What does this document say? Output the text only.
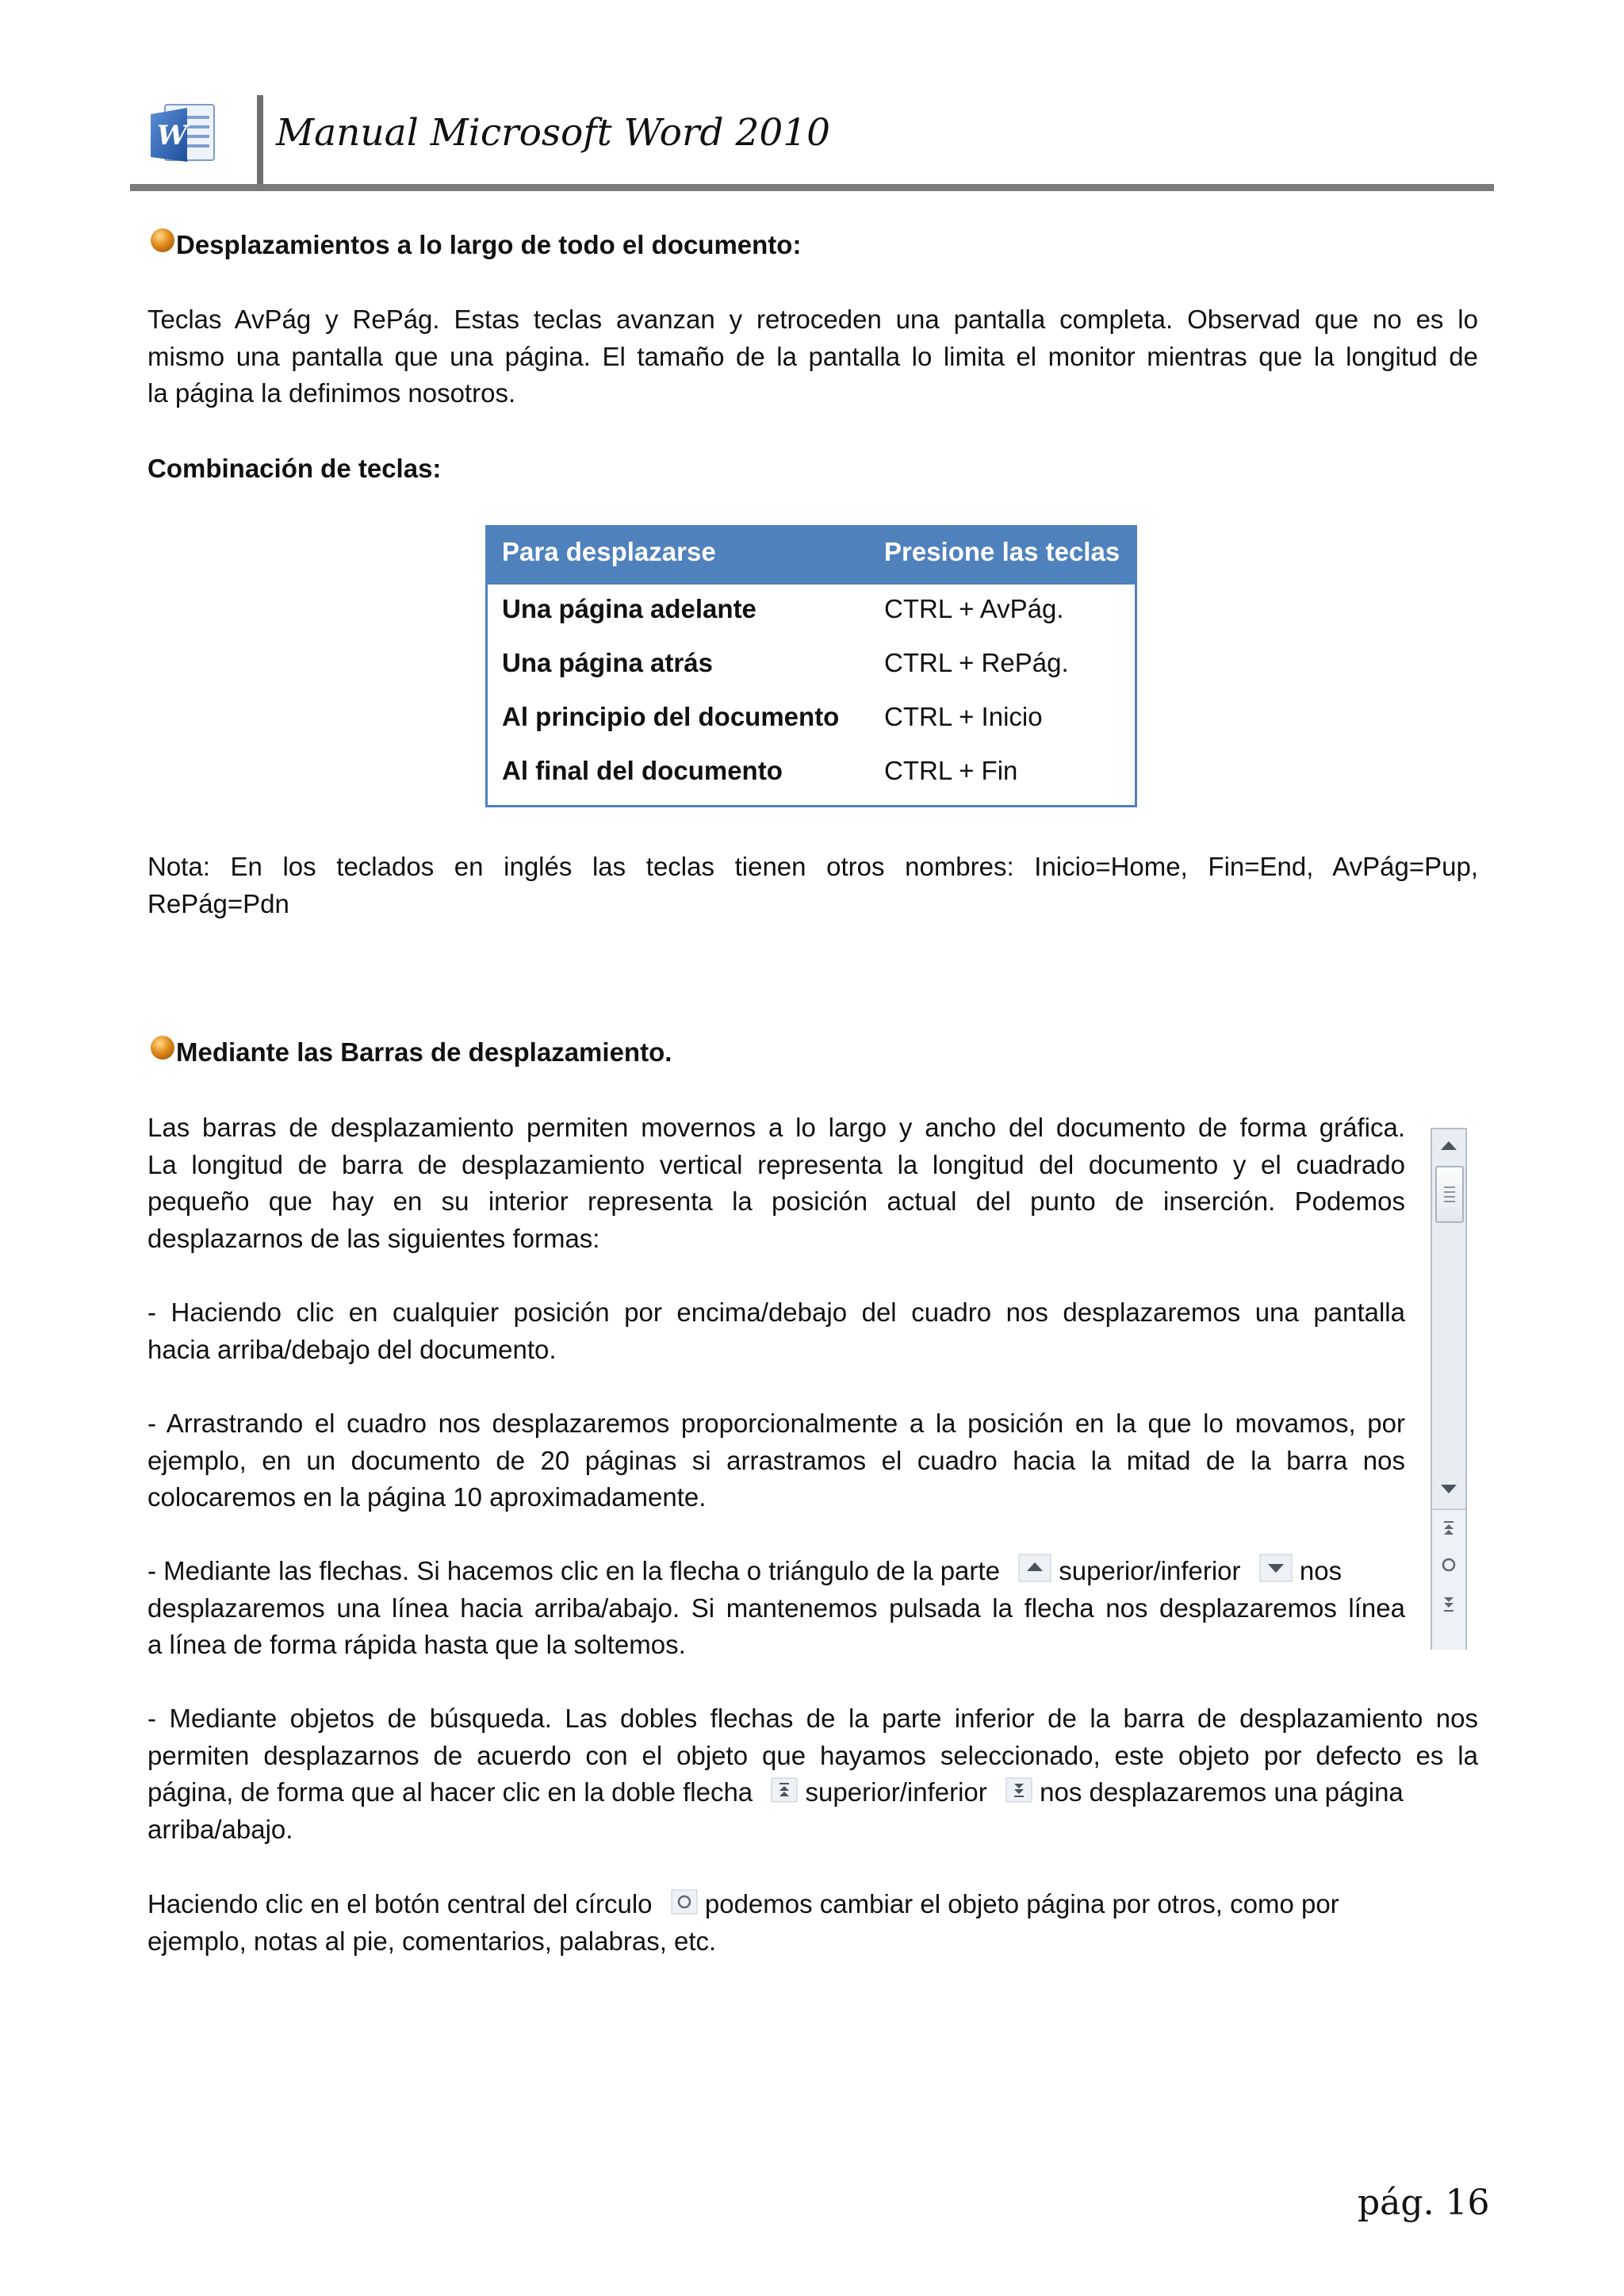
W Manual Microsoft Word 2010
Desplazamientos a lo largo de todo el documento:
Teclas AvPág y RePág. Estas teclas avanzan y retroceden una pantalla completa. Observad que no es lo
mismo una pantalla que una página. El tamaño de la pantalla lo limita el monitor mientras que la longitud de
la página la definimos nosotros.
Combinación de teclas:
Para desplazarse	Presione las teclas
Una página adelante	CTRL + AvPág.
Una página atrás	CTRL + RePág.
Al principio del documento CTRL + Inicio
Al final del documento	CTRL + Fin
Nota: En los teclados en inglés las teclas tienen otros nombres: Inicio=Home, Fin=End, AvPág=Pup,
RePág=Pdn
Mediante las Barras de desplazamiento.
Las barras de desplazamiento permiten movernos a lo largo y ancho del documento de forma gráfica.
La longitud de barra de desplazamiento vertical representa la longitud del documento y el cuadrado
pequeño que hay en su interior representa la posición actual del punto de inserción. Podemos
desplazarnos de las siguientes formas:
- Haciendo clic en cualquier posición por encima/debajo del cuadro nos desplazaremos una pantalla
hacia arriba/debajo del documento.
- Arrastrando el cuadro nos desplazaremos proporcionalmente a la posición en la que lo movamos, por
ejemplo, en un documento de 20 páginas si arrastramos el cuadro hacia la mitad de la barra nos
colocaremos en la página 10 aproximadamente.
- Mediante las flechas. Si hacemos clic en la flecha o triángulo de la parte superior/inferior nos
desplazaremos una línea hacia arriba/abajo. Si mantenemos pulsada la flecha nos desplazaremos línea
a línea de forma rápida hasta que la soltemos.
- Mediante objetos de búsqueda. Las dobles flechas de la parte inferior de la barra de desplazamiento nos
permiten desplazarnos de acuerdo con el objeto que hayamos seleccionado, este objeto por defecto es la
página, de forma que al hacer clic en la doble flecha superior/inferior nos desplazaremos una página
arriba/abajo.
Haciendo clic en el botón central del círculo podemos cambiar el objeto página por otros, como por
ejemplo, notas al pie, comentarios, palabras, etc.
pág. 16
